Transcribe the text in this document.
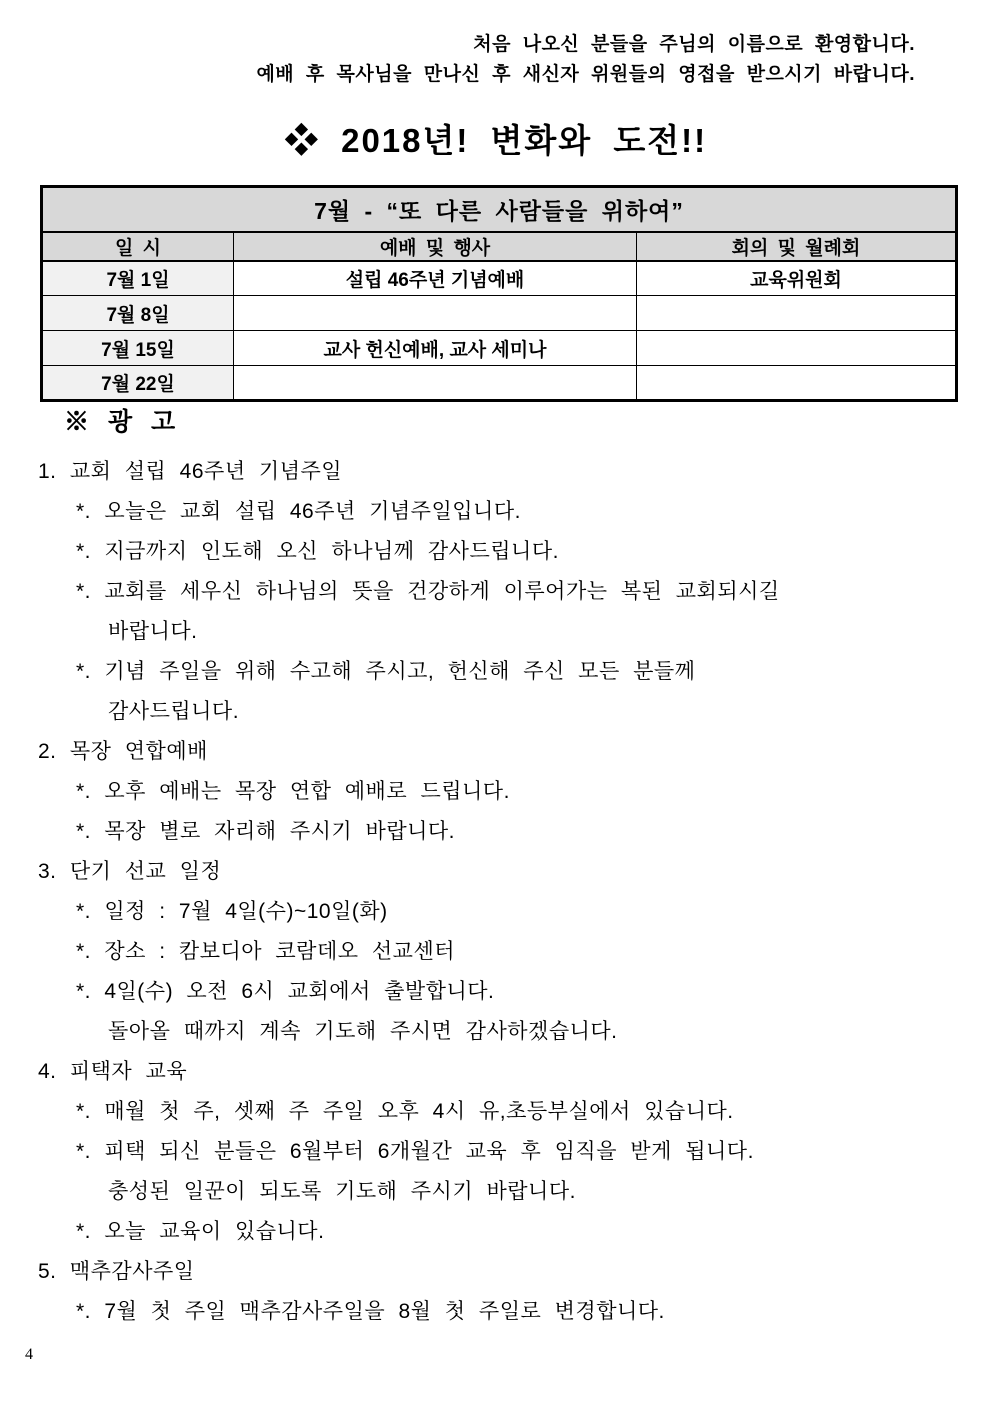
처음 나오신 분들을 주님의 이름으로 환영합니다.
예배 후 목사님을 만나신 후 새신자 위원들의 영접을 받으시기 바랍니다.
❖ 2018년! 변화와 도전!!
7월 - “또 다른 사람들을 위하여”		
일 시	예배 및 행사	회의 및 월례회
7월 1일	설립 46주년 기념예배	교육위원회
7월 8일		
7월 15일	교사 헌신예배, 교사 세미나	
7월 22일		
※ 광 고
1. 교회 설립 46주년 기념주일
*. 오늘은 교회 설립 46주년 기념주일입니다.
*. 지금까지 인도해 오신 하나님께 감사드립니다.
*. 교회를 세우신 하나님의 뜻을 건강하게 이루어가는 복된 교회되시길
바랍니다.
*. 기념 주일을 위해 수고해 주시고, 헌신해 주신 모든 분들께
감사드립니다.
2. 목장 연합예배
*. 오후 예배는 목장 연합 예배로 드립니다.
*. 목장 별로 자리해 주시기 바랍니다.
3. 단기 선교 일정
*. 일정 : 7월 4일(수)~10일(화)
*. 장소 : 캄보디아 코람데오 선교센터
*. 4일(수) 오전 6시 교회에서 출발합니다.
돌아올 때까지 계속 기도해 주시면 감사하겠습니다.
4. 피택자 교육
*. 매월 첫 주, 셋째 주 주일 오후 4시 유,초등부실에서 있습니다.
*. 피택 되신 분들은 6월부터 6개월간 교육 후 임직을 받게 됩니다.
충성된 일꾼이 되도록 기도해 주시기 바랍니다.
*. 오늘 교육이 있습니다.
5. 맥추감사주일
*. 7월 첫 주일 맥추감사주일을 8월 첫 주일로 변경합니다.
4
